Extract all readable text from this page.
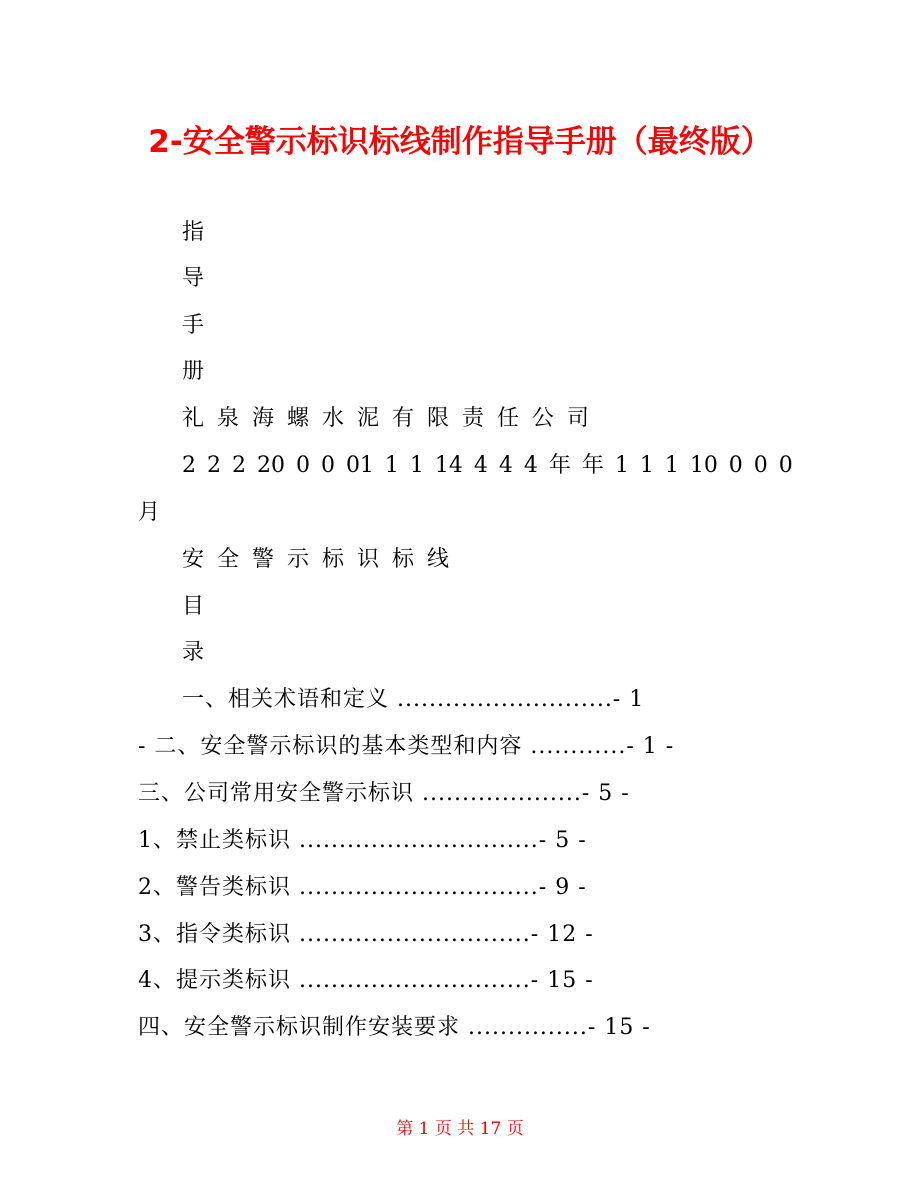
2-安全警示标识标线制作指导手册（最终版）
指
导
手
册
礼 泉 海 螺 水 泥 有 限 责 任 公 司
2 2 2 20 0 0 01 1 1 14 4 4 4 年 年 1 1 1 10 0 0 0
月
安 全 警 示 标 识 标 线
目
录
一、相关术语和定义 ...........................- 1
- 二、安全警示标识的基本类型和内容 ............- 1 -
三、公司常用安全警示标识 ....................- 5 -
1、禁止类标识 ..............................- 5 -
2、警告类标识 ..............................- 9 -
3、指令类标识 .............................- 12 -
4、提示类标识 .............................- 15 -
四、安全警示标识制作安装要求 ...............- 15 -
第 1 页 共 17 页
